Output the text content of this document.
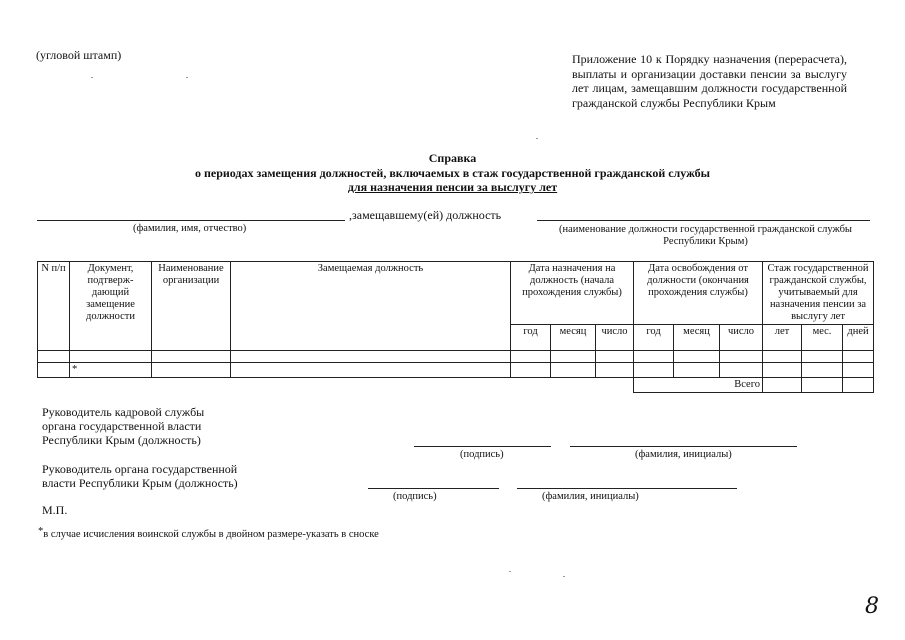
(угловой штамп)	Приложение 10 к Порядку назначения (перерасчета), выплаты и организации доставки пенсии за выслугу лет лицам, замещавшим должности государственной гражданской службы Республики Крым
Справка
о периодах замещения должностей, включаемых в стаж государственной гражданской службы
для назначения пенсии за выслугу лет
,замещавшему(ей) должность
(фамилия, имя, отчество)	(наименование должности государственной гражданской службы
Республики Крым)
N п/п	Документ, подтверж-дающий замещение должности	Наименование организации	Замещаемая должность	Дата назначения на должность (начала прохождения службы)			Дата освобождения от должности (окончания прохождения службы)			Стаж государственной гражданской службы, учитываемый для назначения пенсии за выслугу лет		
				год	месяц	число	год	месяц	число	лет	мес.	дней

	*											
							Всего					
Руководитель кадровой службы
органа государственной власти
Республики Крым (должность)
(подпись)	(фамилия, инициалы)
Руководитель органа государственной
власти Республики Крым (должность)
(подпись)	(фамилия, инициалы)
М.П.
*в случае исчисления воинской службы в двойном размере-указать в сноске
8
